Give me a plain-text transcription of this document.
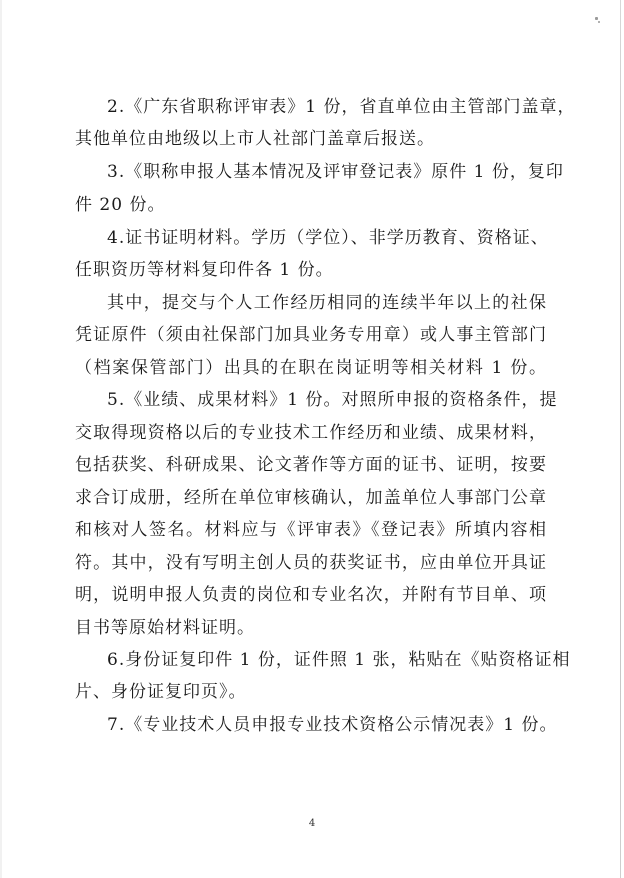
2.《广东省职称评审表》1 份，省直单位由主管部门盖章，
其他单位由地级以上市人社部门盖章后报送。
3.《职称申报人基本情况及评审登记表》原件 1 份，复印
件 20 份。
4.证书证明材料。学历（学位）、非学历教育、资格证、
任职资历等材料复印件各 1 份。
其中，提交与个人工作经历相同的连续半年以上的社保
凭证原件（须由社保部门加具业务专用章）或人事主管部门
（档案保管部门）出具的在职在岗证明等相关材料 1 份。
5.《业绩、成果材料》1 份。对照所申报的资格条件，提
交取得现资格以后的专业技术工作经历和业绩、成果材料，
包括获奖、科研成果、论文著作等方面的证书、证明，按要
求合订成册，经所在单位审核确认，加盖单位人事部门公章
和核对人签名。材料应与《评审表》《登记表》所填内容相
符。其中，没有写明主创人员的获奖证书，应由单位开具证
明，说明申报人负责的岗位和专业名次，并附有节目单、项
目书等原始材料证明。
6.身份证复印件 1 份，证件照 1 张，粘贴在《贴资格证相
片、身份证复印页》。
7.《专业技术人员申报专业技术资格公示情况表》1 份。
4
